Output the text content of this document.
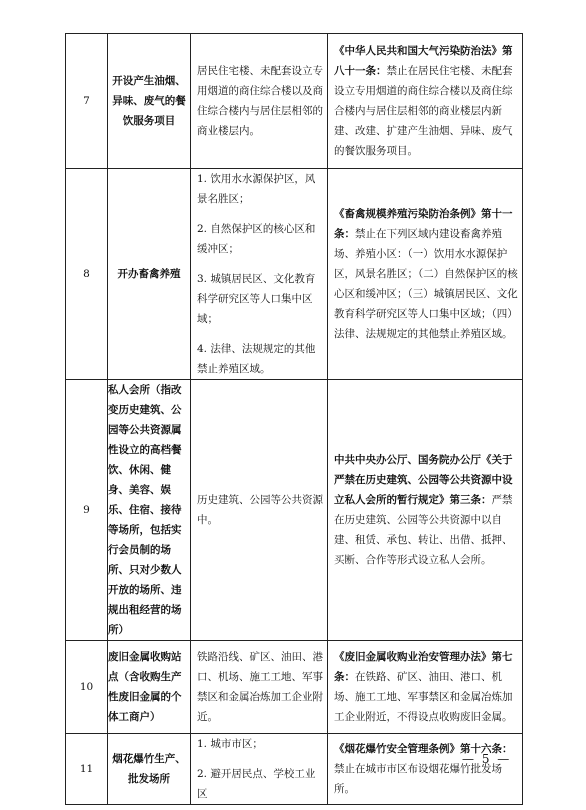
7	开设产生油烟、异味、废气的餐饮服务项目	居民住宅楼、未配套设立专用烟道的商住综合楼以及商住综合楼内与居住层相邻的商业楼层内。	《中华人民共和国大气污染防治法》第八十一条：禁止在居民住宅楼、未配套设立专用烟道的商住综合楼以及商住综合楼内与居住层相邻的商业楼层内新建、改建、扩建产生油烟、异味、废气的餐饮服务项目。
8	开办畜禽养殖	1. 饮用水水源保护区，风景名胜区；

2. 自然保护区的核心区和缓冲区；

3. 城镇居民区、文化教育科学研究区等人口集中区域；

4. 法律、法规规定的其他禁止养殖区域。	《畜禽规模养殖污染防治条例》第十一条：禁止在下列区域内建设畜禽养殖场、养殖小区：（一）饮用水水源保护区，风景名胜区；（二）自然保护区的核心区和缓冲区；（三）城镇居民区、文化教育科学研究区等人口集中区域；（四）法律、法规规定的其他禁止养殖区域。
9	私人会所（指改变历史建筑、公园等公共资源属性设立的高档餐饮、休闲、健身、美容、娱乐、住宿、接待等场所，包括实行会员制的场所、只对少数人开放的场所、违规出租经营的场所）	历史建筑、公园等公共资源中。	中共中央办公厅、国务院办公厅《关于严禁在历史建筑、公园等公共资源中设立私人会所的暂行规定》第三条：严禁在历史建筑、公园等公共资源中以自建、租赁、承包、转让、出借、抵押、买断、合作等形式设立私人会所。
10	废旧金属收购站点（含收购生产性废旧金属的个体工商户）	铁路沿线、矿区、油田、港口、机场、施工工地、军事禁区和金属冶炼加工企业附近。	《废旧金属收购业治安管理办法》第七条：在铁路、矿区、油田、港口、机场、施工工地、军事禁区和金属冶炼加工企业附近，不得设点收购废旧金属。
11	烟花爆竹生产、批发场所	1. 城市市区；

2. 避开居民点、学校工业区	《烟花爆竹安全管理条例》第十六条：禁止在城市市区布设烟花爆竹批发场所。
— 5 —
